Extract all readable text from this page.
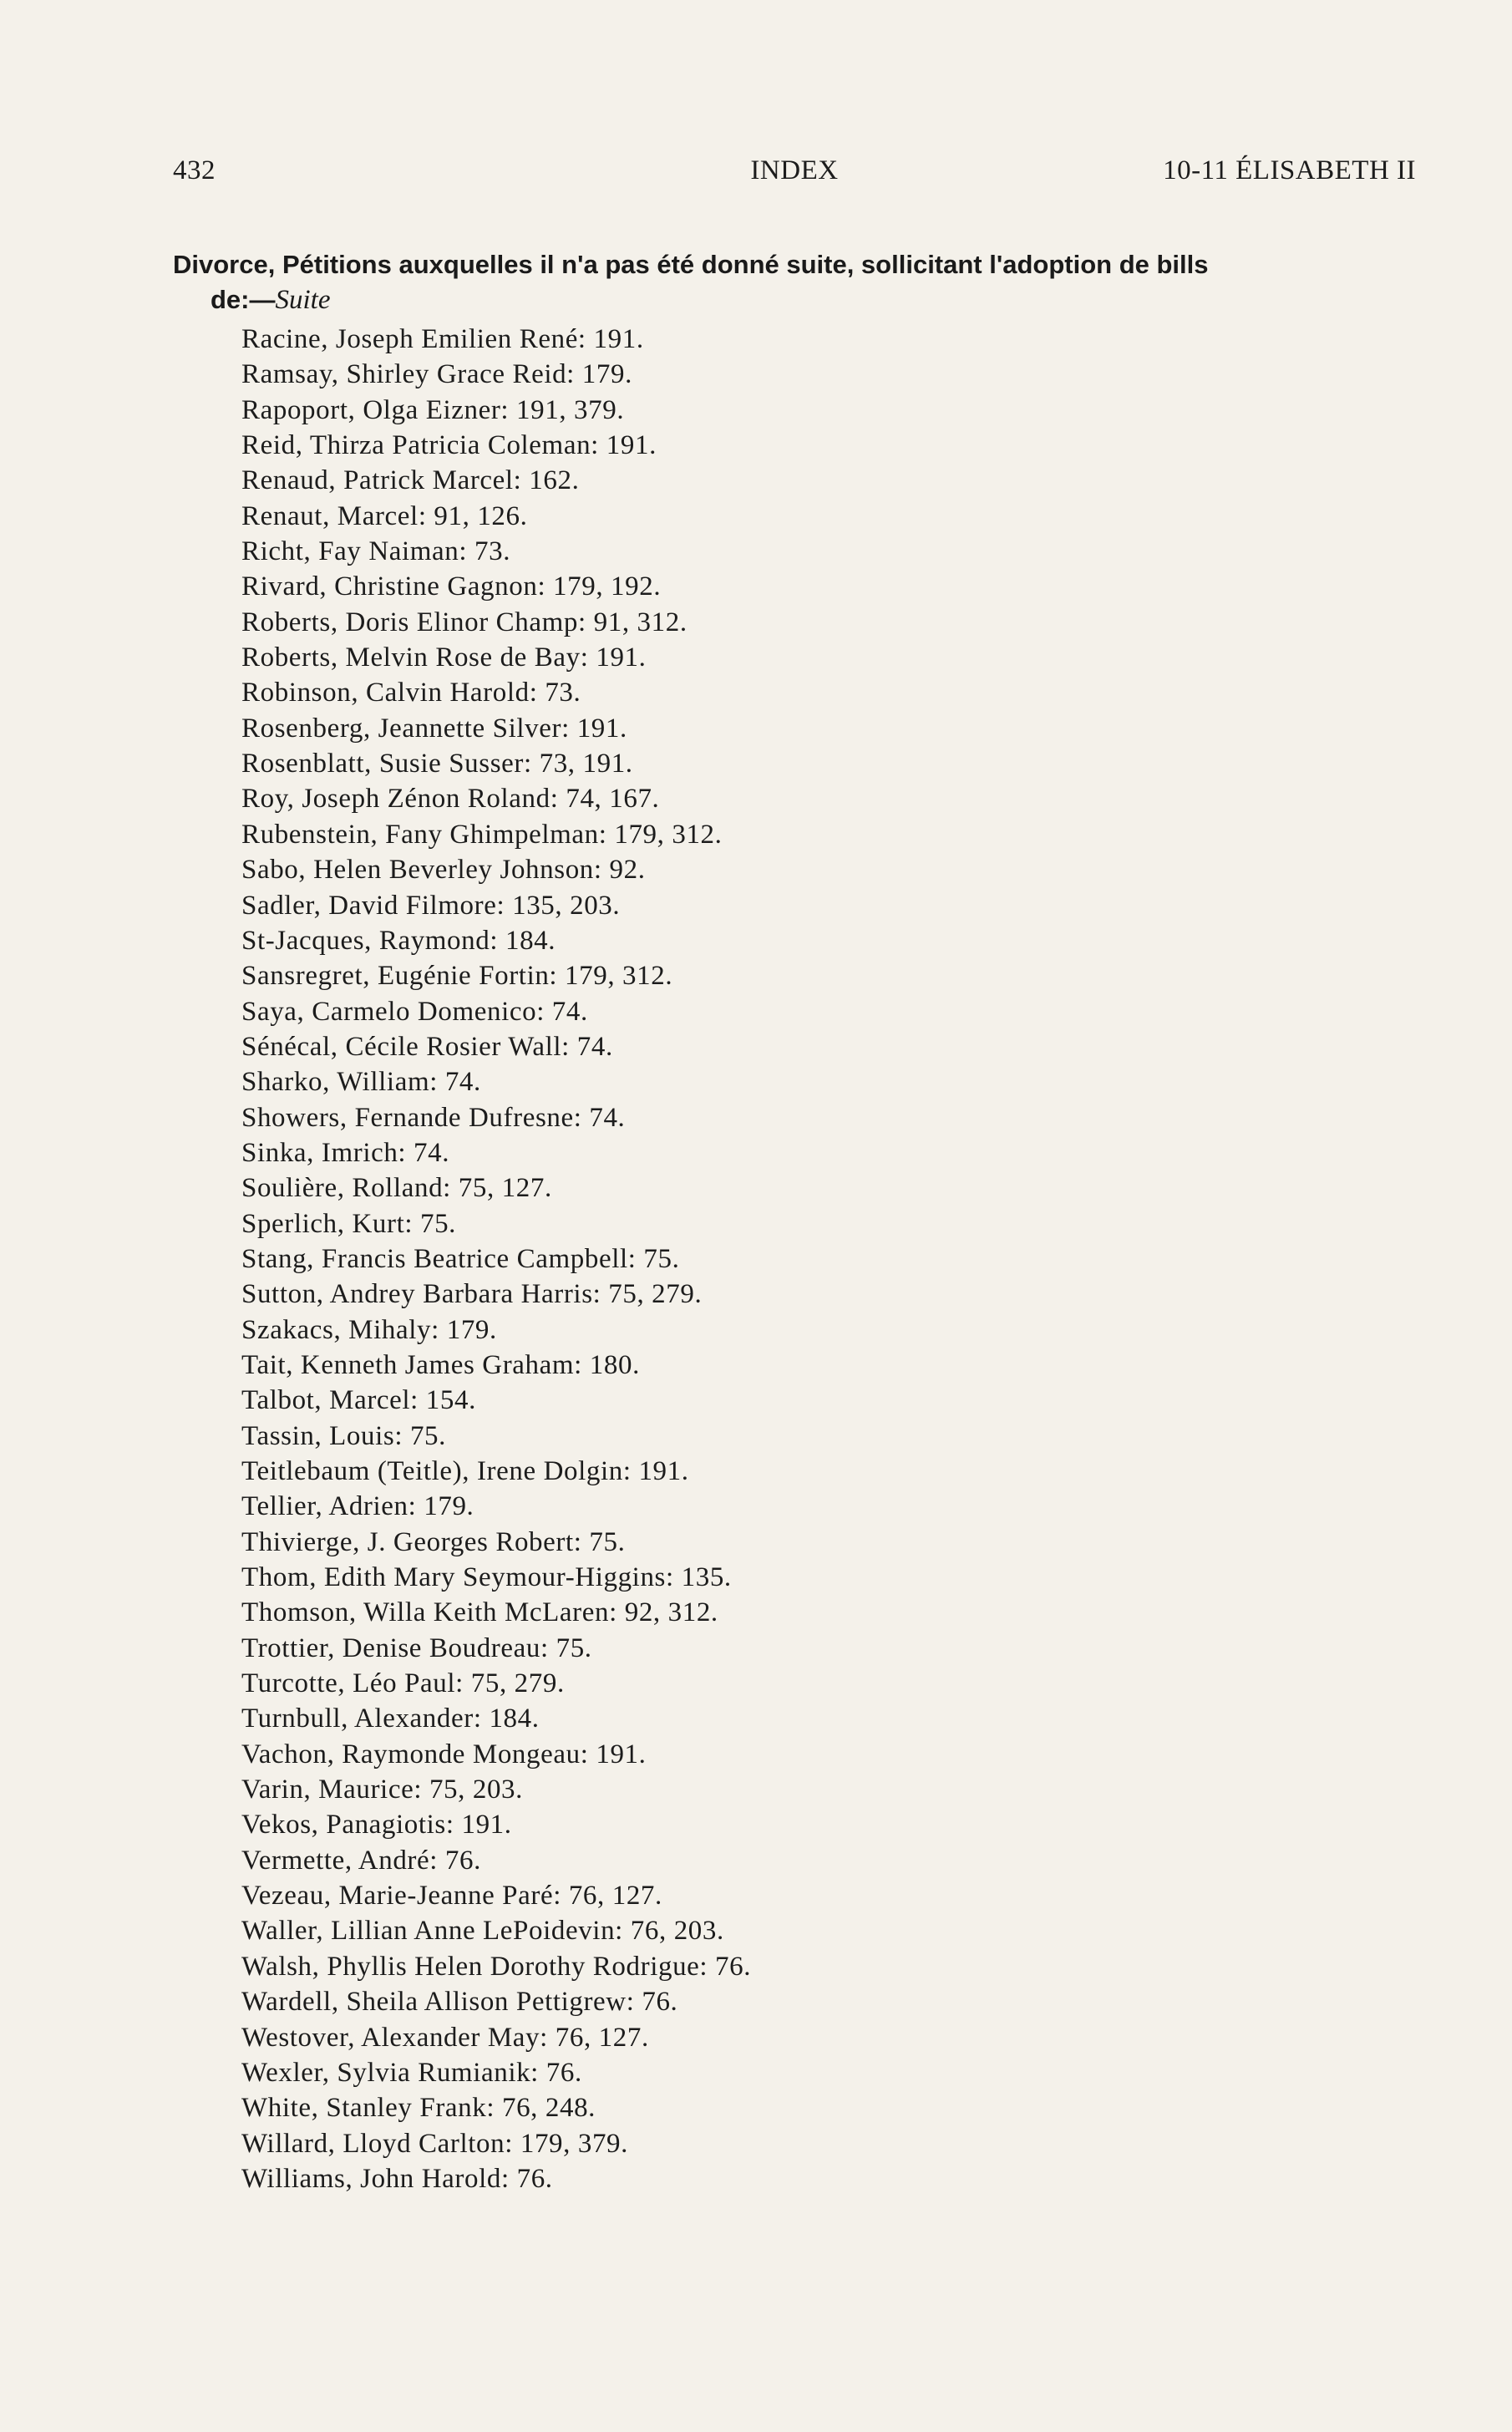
432	INDEX	10-11 ÉLISABETH II
Divorce, Pétitions auxquelles il n'a pas été donné suite, sollicitant l'adoption de bills
de:—Suite
Racine, Joseph Emilien René: 191.
Ramsay, Shirley Grace Reid: 179.
Rapoport, Olga Eizner: 191, 379.
Reid, Thirza Patricia Coleman: 191.
Renaud, Patrick Marcel: 162.
Renaut, Marcel: 91, 126.
Richt, Fay Naiman: 73.
Rivard, Christine Gagnon: 179, 192.
Roberts, Doris Elinor Champ: 91, 312.
Roberts, Melvin Rose de Bay: 191.
Robinson, Calvin Harold: 73.
Rosenberg, Jeannette Silver: 191.
Rosenblatt, Susie Susser: 73, 191.
Roy, Joseph Zénon Roland: 74, 167.
Rubenstein, Fany Ghimpelman: 179, 312.
Sabo, Helen Beverley Johnson: 92.
Sadler, David Filmore: 135, 203.
St-Jacques, Raymond: 184.
Sansregret, Eugénie Fortin: 179, 312.
Saya, Carmelo Domenico: 74.
Sénécal, Cécile Rosier Wall: 74.
Sharko, William: 74.
Showers, Fernande Dufresne: 74.
Sinka, Imrich: 74.
Soulière, Rolland: 75, 127.
Sperlich, Kurt: 75.
Stang, Francis Beatrice Campbell: 75.
Sutton, Andrey Barbara Harris: 75, 279.
Szakacs, Mihaly: 179.
Tait, Kenneth James Graham: 180.
Talbot, Marcel: 154.
Tassin, Louis: 75.
Teitlebaum (Teitle), Irene Dolgin: 191.
Tellier, Adrien: 179.
Thivierge, J. Georges Robert: 75.
Thom, Edith Mary Seymour-Higgins: 135.
Thomson, Willa Keith McLaren: 92, 312.
Trottier, Denise Boudreau: 75.
Turcotte, Léo Paul: 75, 279.
Turnbull, Alexander: 184.
Vachon, Raymonde Mongeau: 191.
Varin, Maurice: 75, 203.
Vekos, Panagiotis: 191.
Vermette, André: 76.
Vezeau, Marie-Jeanne Paré: 76, 127.
Waller, Lillian Anne LePoidevin: 76, 203.
Walsh, Phyllis Helen Dorothy Rodrigue: 76.
Wardell, Sheila Allison Pettigrew: 76.
Westover, Alexander May: 76, 127.
Wexler, Sylvia Rumianik: 76.
White, Stanley Frank: 76, 248.
Willard, Lloyd Carlton: 179, 379.
Williams, John Harold: 76.
